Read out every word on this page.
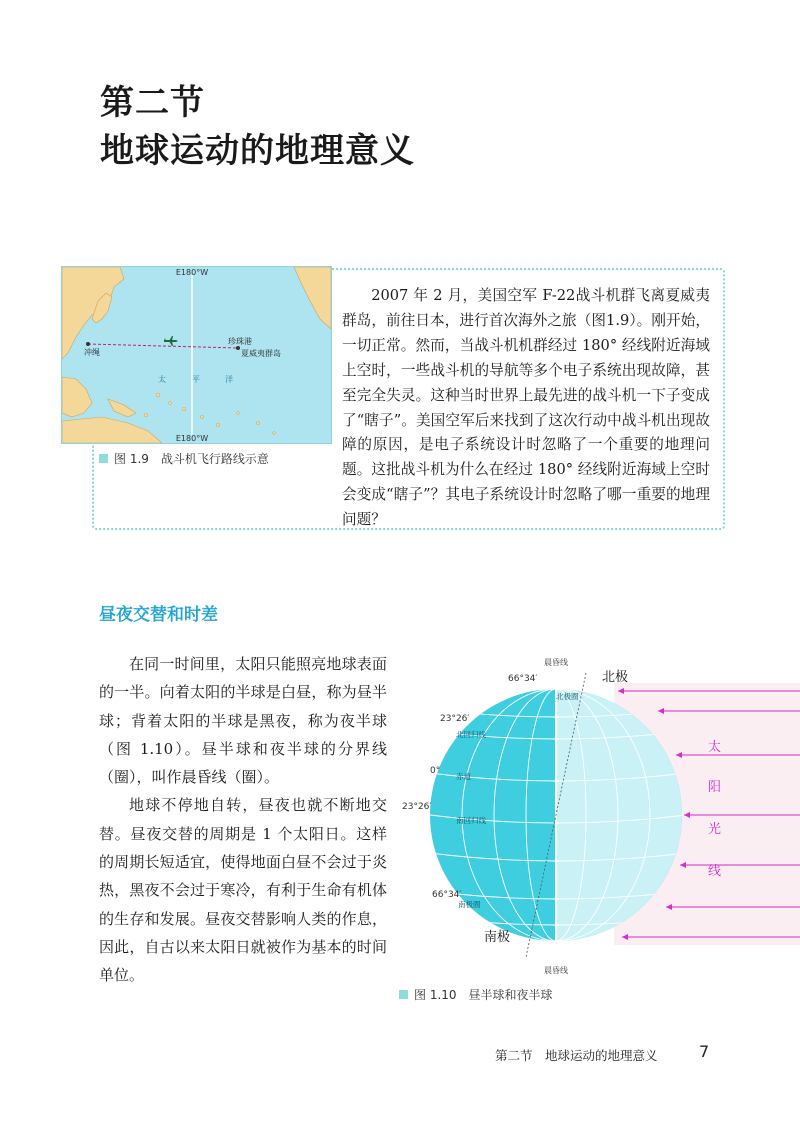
第二节
地球运动的地理意义
E180°W
E180°W
冲绳
珍珠港
夏威夷群岛
太	平	洋
图 1.9　战斗机飞行路线示意

2007 年 2 月，美国空军 F-22战斗机群飞离夏威夷群岛，前往日本，进行首次海外之旅（图1.9）。刚开始，一切正常。然而，当战斗机机群经过 180° 经线附近海域上空时，一些战斗机的导航等多个电子系统出现故障，甚至完全失灵。这种当时世界上最先进的战斗机一下子变成了“瞎子”。美国空军后来找到了这次行动中战斗机出现故障的原因，是电子系统设计时忽略了一个重要的地理问题。这批战斗机为什么在经过 180° 经线附近海域上空时会变成“瞎子”？其电子系统设计时忽略了哪一重要的地理问题？

昼夜交替和时差

在同一时间里，太阳只能照亮地球表面的一半。向着太阳的半球是白昼，称为昼半球；背着太阳的半球是黑夜，称为夜半球（图 1.10）。昼半球和夜半球的分界线（圈），叫作晨昏线（圈）。

地球不停地自转，昼夜也就不断地交替。昼夜交替的周期是 1 个太阳日。这样的周期长短适宜，使得地面白昼不会过于炎热，黑夜不会过于寒冷，有利于生命有机体的生存和发展。昼夜交替影响人类的作息，因此，自古以来太阳日就被作为基本的时间单位。

太
阳
光
线
北极
南极
66°34′
23°26′
0°
23°26′
66°34′
北极圈
北回归线
赤道
南回归线
南极圈
晨昏线
晨昏线
图 1.10　昼半球和夜半球
第二节　地球运动的地理意义	7
